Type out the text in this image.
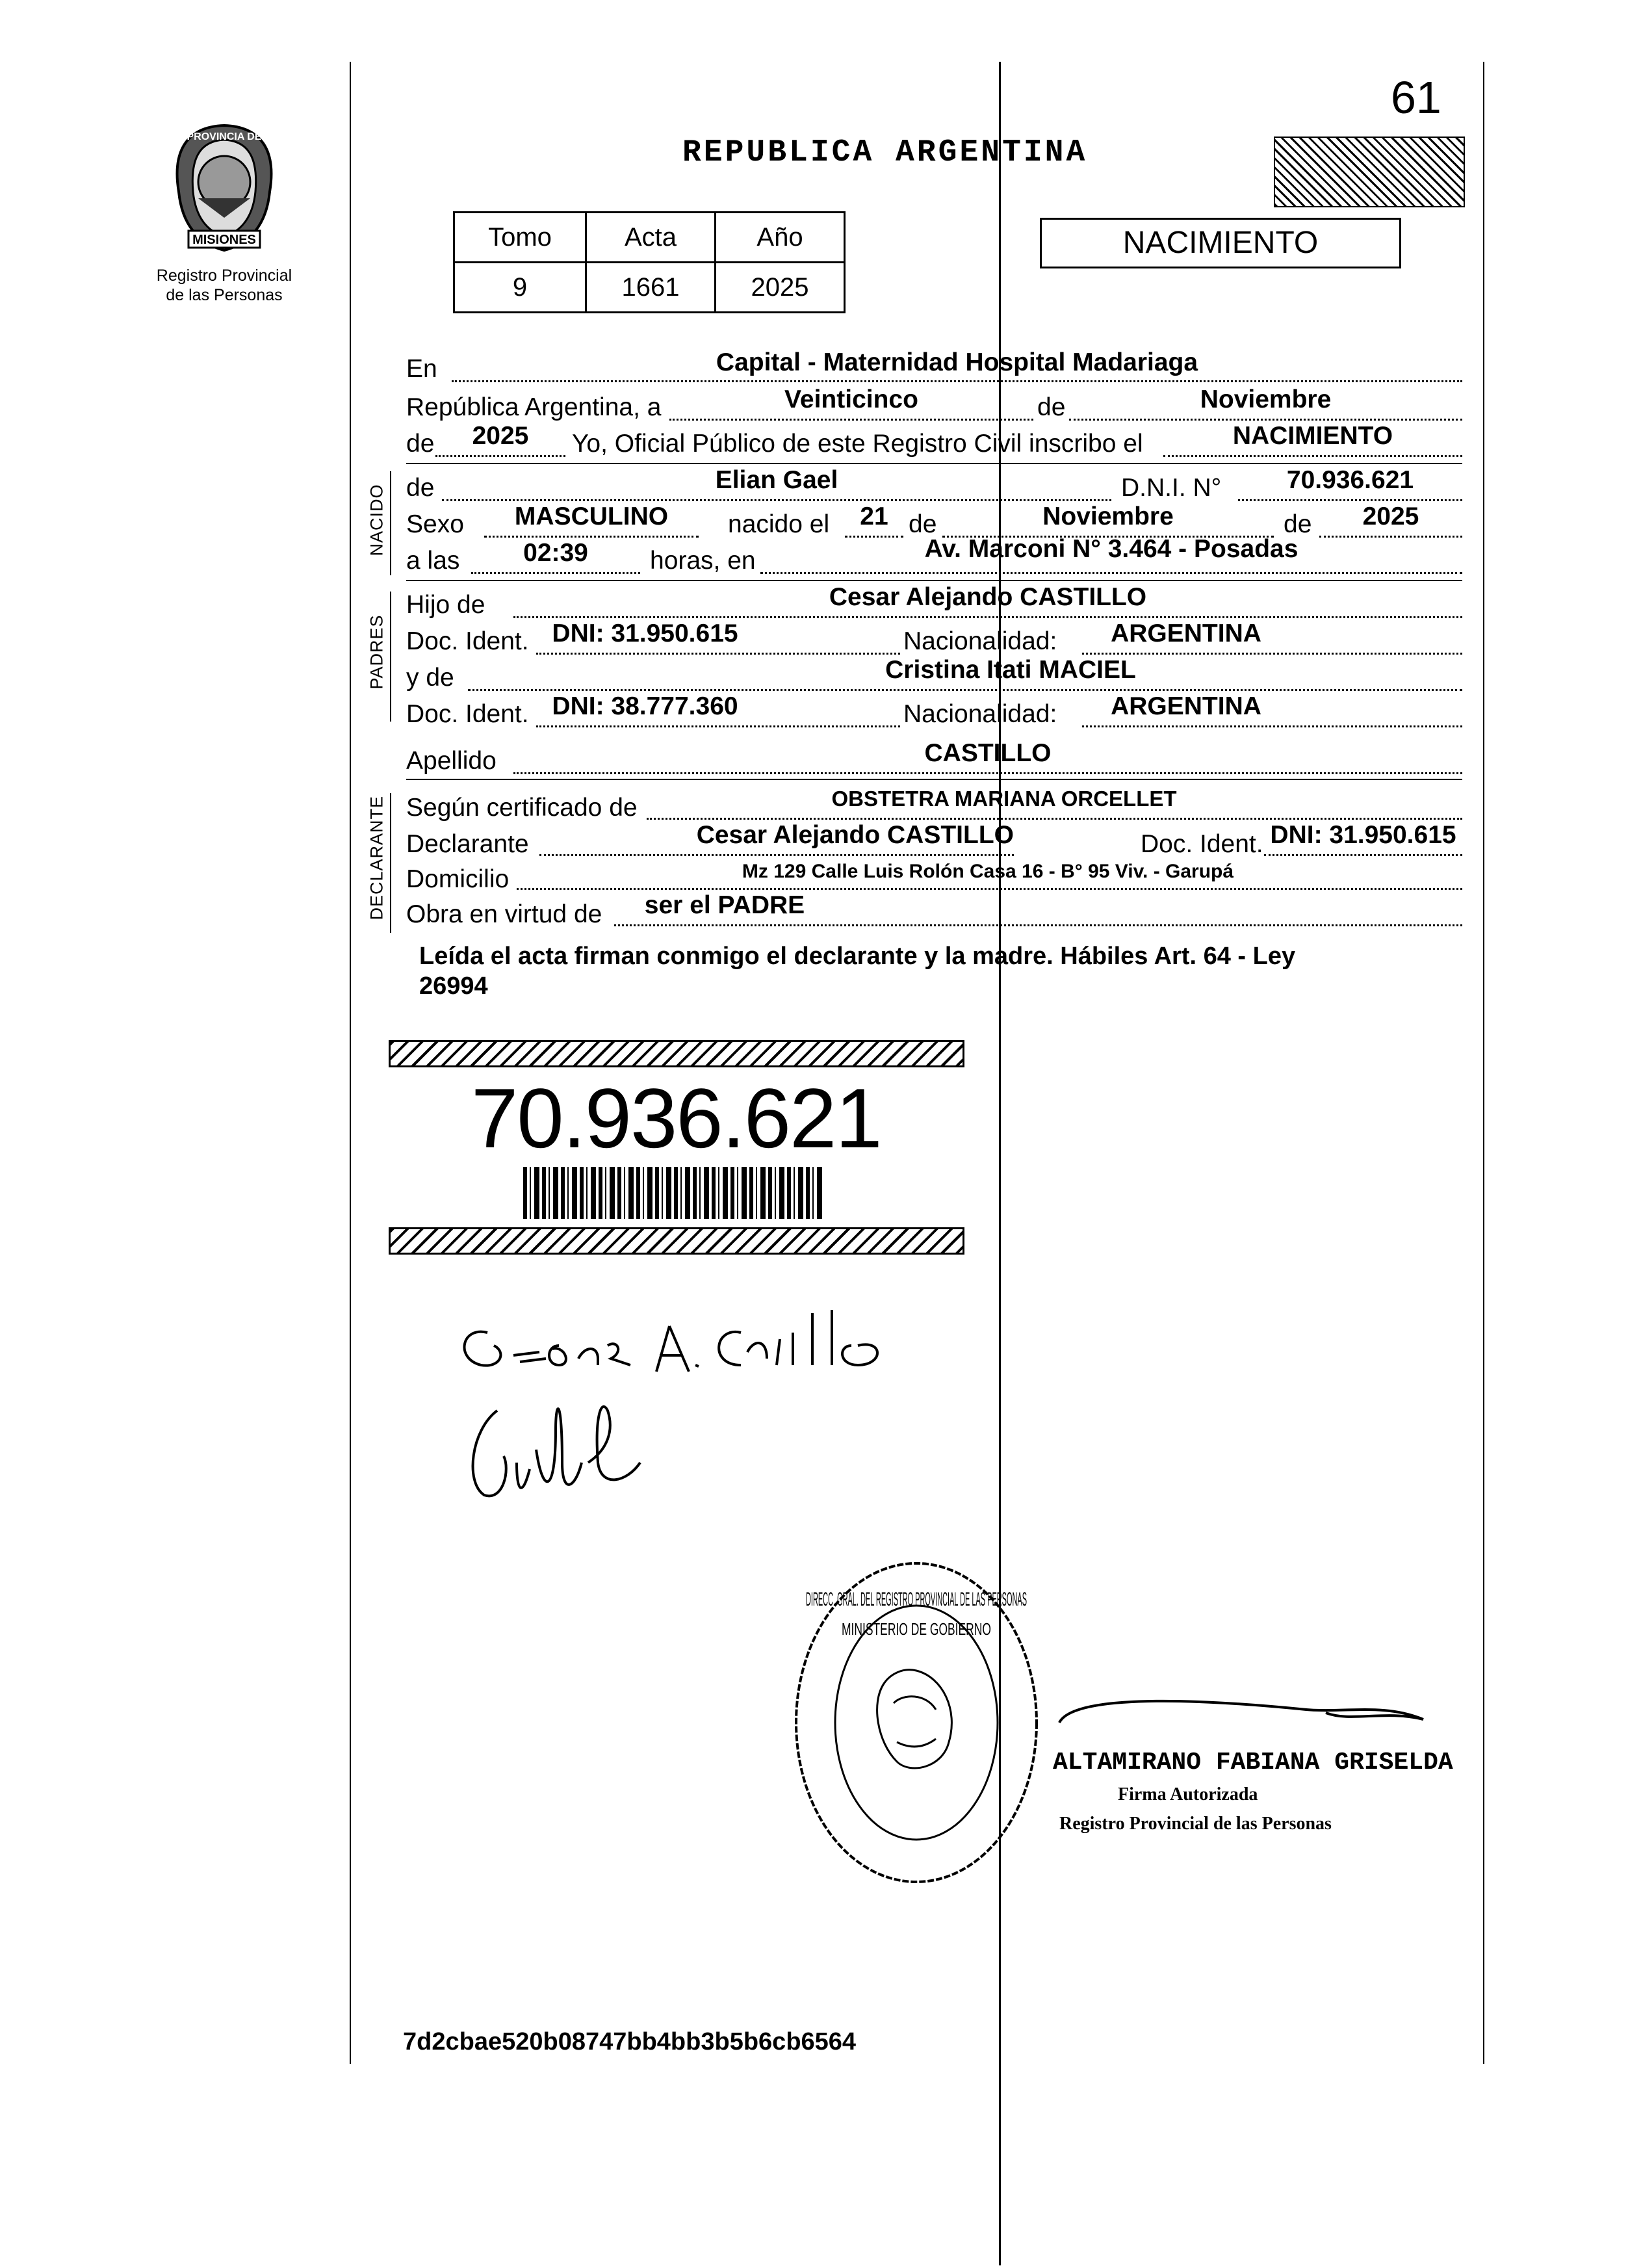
61
PROVINCIA DE
MISIONES
Registro Provincial
de las Personas
REPUBLICA ARGENTINA
Tomo	Acta	Año
9	1661	2025
NACIMIENTO
En	Capital - Maternidad Hospital Madariaga
República Argentina, a	Veinticinco	de	Noviembre
de	2025	Yo, Oficial Público de este Registro Civil inscribo el	NACIMIENTO
NACIDO de	Elian Gael	D.N.I. N°	70.936.621
Sexo	MASCULINO	nacido el	21 de	Noviembre	de	2025
a las	02:39	horas, en	Av. Marconi N° 3.464 - Posadas
PADRES
Hijo de	Cesar Alejando CASTILLO
Doc. Ident. DNI: 31.950.615	Nacionalidad:	ARGENTINA
y de	Cristina Itati MACIEL
Doc. Ident. DNI: 38.777.360	Nacionalidad:	ARGENTINA
Apellido	CASTILLO
DECLARANTE Según certificado de	OBSTETRA MARIANA ORCELLET
Declarante	Cesar Alejando CASTILLO	Doc. Ident. DNI: 31.950.615
Domicilio	Mz 129 Calle Luis Rolón Casa 16 - B° 95 Viv. - Garupá
Obra en virtud de	ser el PADRE
Leída el acta firman conmigo el declarante y la madre. Hábiles Art. 64 - Ley
26994
70.936.621
DIRECC. GRAL. DEL REGISTRO PROVINCIAL DE LAS PERSONAS
MINISTERIO DE GOBIERNO
ALTAMIRANO FABIANA GRISELDA
Firma Autorizada
Registro Provincial de las Personas
7d2cbae520b08747bb4bb3b5b6cb6564
